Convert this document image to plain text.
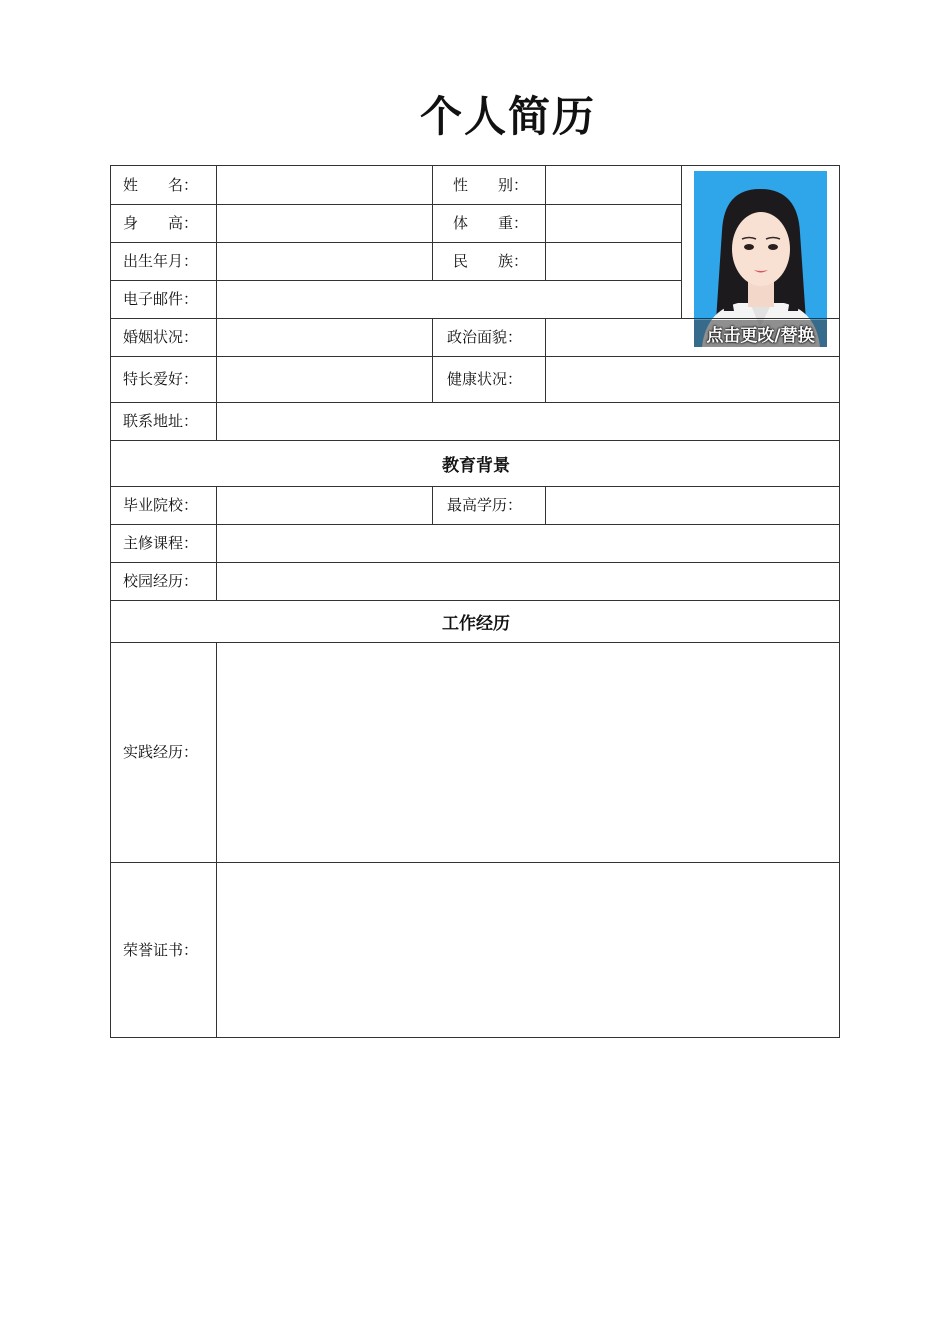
个人简历
点击更改/替换
姓　　名：	性　　别：
身　　高：	体　　重：
出生年月：	民　　族：
电子邮件：
婚姻状况：	政治面貌：
特长爱好：	健康状况：
联系地址：
教育背景
毕业院校：	最高学历：
主修课程：
校园经历：
工作经历
实践经历：
荣誉证书：
